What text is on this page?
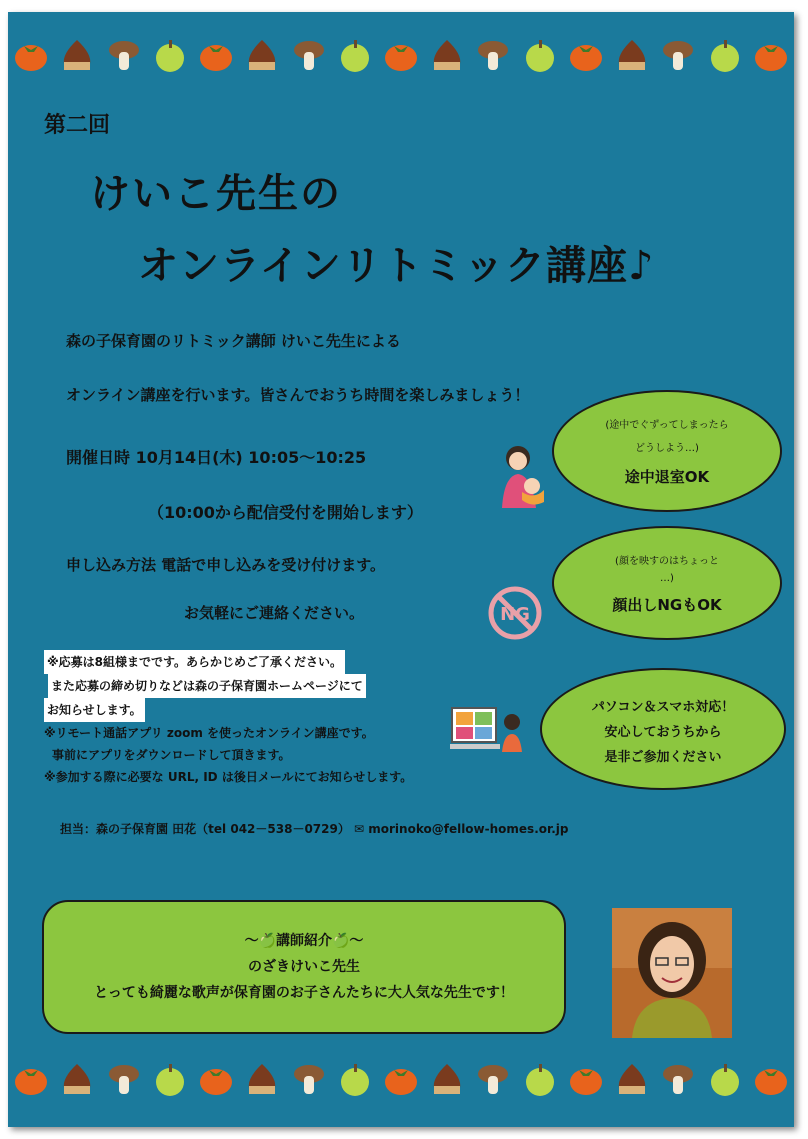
第二回
けいこ先生の
オンラインリトミック講座♪
森の子保育園のリトミック講師 けいこ先生による
オンライン講座を行います。皆さんでおうち時間を楽しみましょう！
開催日時 10月14日(木) 10:05〜10:25
（10:00から配信受付を開始します）
申し込み方法 電話で申し込みを受け付けます。
お気軽にご連絡ください。
※応募は8組様までです。あらかじめご了承ください。
また応募の締め切りなどは森の子保育園ホームページにて
お知らせします。
※リモート通話アプリ zoom を使ったオンライン講座です。
事前にアプリをダウンロードして頂きます。
※参加する際に必要な URL, ID は後日メールにてお知らせします。
担当：森の子保育園 田花（tel 042－538－0729） ✉ morinoko@fellow-homes.or.jp
(途中でぐずってしまったら
どうしよう…)
途中退室OK
(顔を映すのはちょっと
…)
顔出しNGもOK
NG
パソコン＆スマホ対応！
安心しておうちから
是非ご参加ください
〜🍏講師紹介🍏〜
のざきけいこ先生
とっても綺麗な歌声が保育園のお子さんたちに大人気な先生です！
